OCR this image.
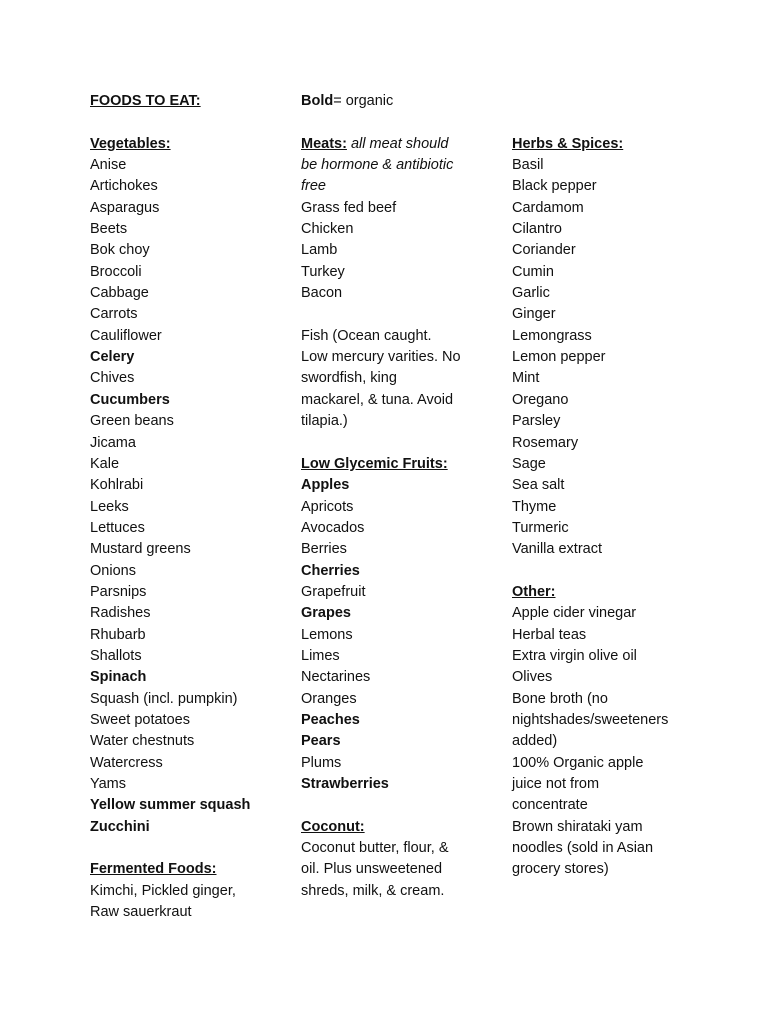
FOODS TO EAT:
Vegetables:
Anise
Artichokes
Asparagus
Beets
Bok choy
Broccoli
Cabbage
Carrots
Cauliflower
Celery
Chives
Cucumbers
Green beans
Jicama
Kale
Kohlrabi
Leeks
Lettuces
Mustard greens
Onions
Parsnips
Radishes
Rhubarb
Shallots
Spinach
Squash (incl. pumpkin)
Sweet potatoes
Water chestnuts
Watercress
Yams
Yellow summer squash
Zucchini
Fermented Foods:
Kimchi, Pickled ginger,
Raw sauerkraut
Bold= organic
Meats: all meat should
be hormone & antibiotic
free
Grass fed beef
Chicken
Lamb
Turkey
Bacon
Fish (Ocean caught.
Low mercury varities. No
swordfish, king
mackarel, & tuna. Avoid
tilapia.)
Low Glycemic Fruits:
Apples
Apricots
Avocados
Berries
Cherries
Grapefruit
Grapes
Lemons
Limes
Nectarines
Oranges
Peaches
Pears
Plums
Strawberries
Coconut:
Coconut butter, flour, &
oil. Plus unsweetened
shreds, milk, & cream.
Herbs & Spices:
Basil
Black pepper
Cardamom
Cilantro
Coriander
Cumin
Garlic
Ginger
Lemongrass
Lemon pepper
Mint
Oregano
Parsley
Rosemary
Sage
Sea salt
Thyme
Turmeric
Vanilla extract
Other:
Apple cider vinegar
Herbal teas
Extra virgin olive oil
Olives
Bone broth (no
nightshades/sweeteners
added)
100% Organic apple
juice not from
concentrate
Brown shirataki yam
noodles (sold in Asian
grocery stores)
